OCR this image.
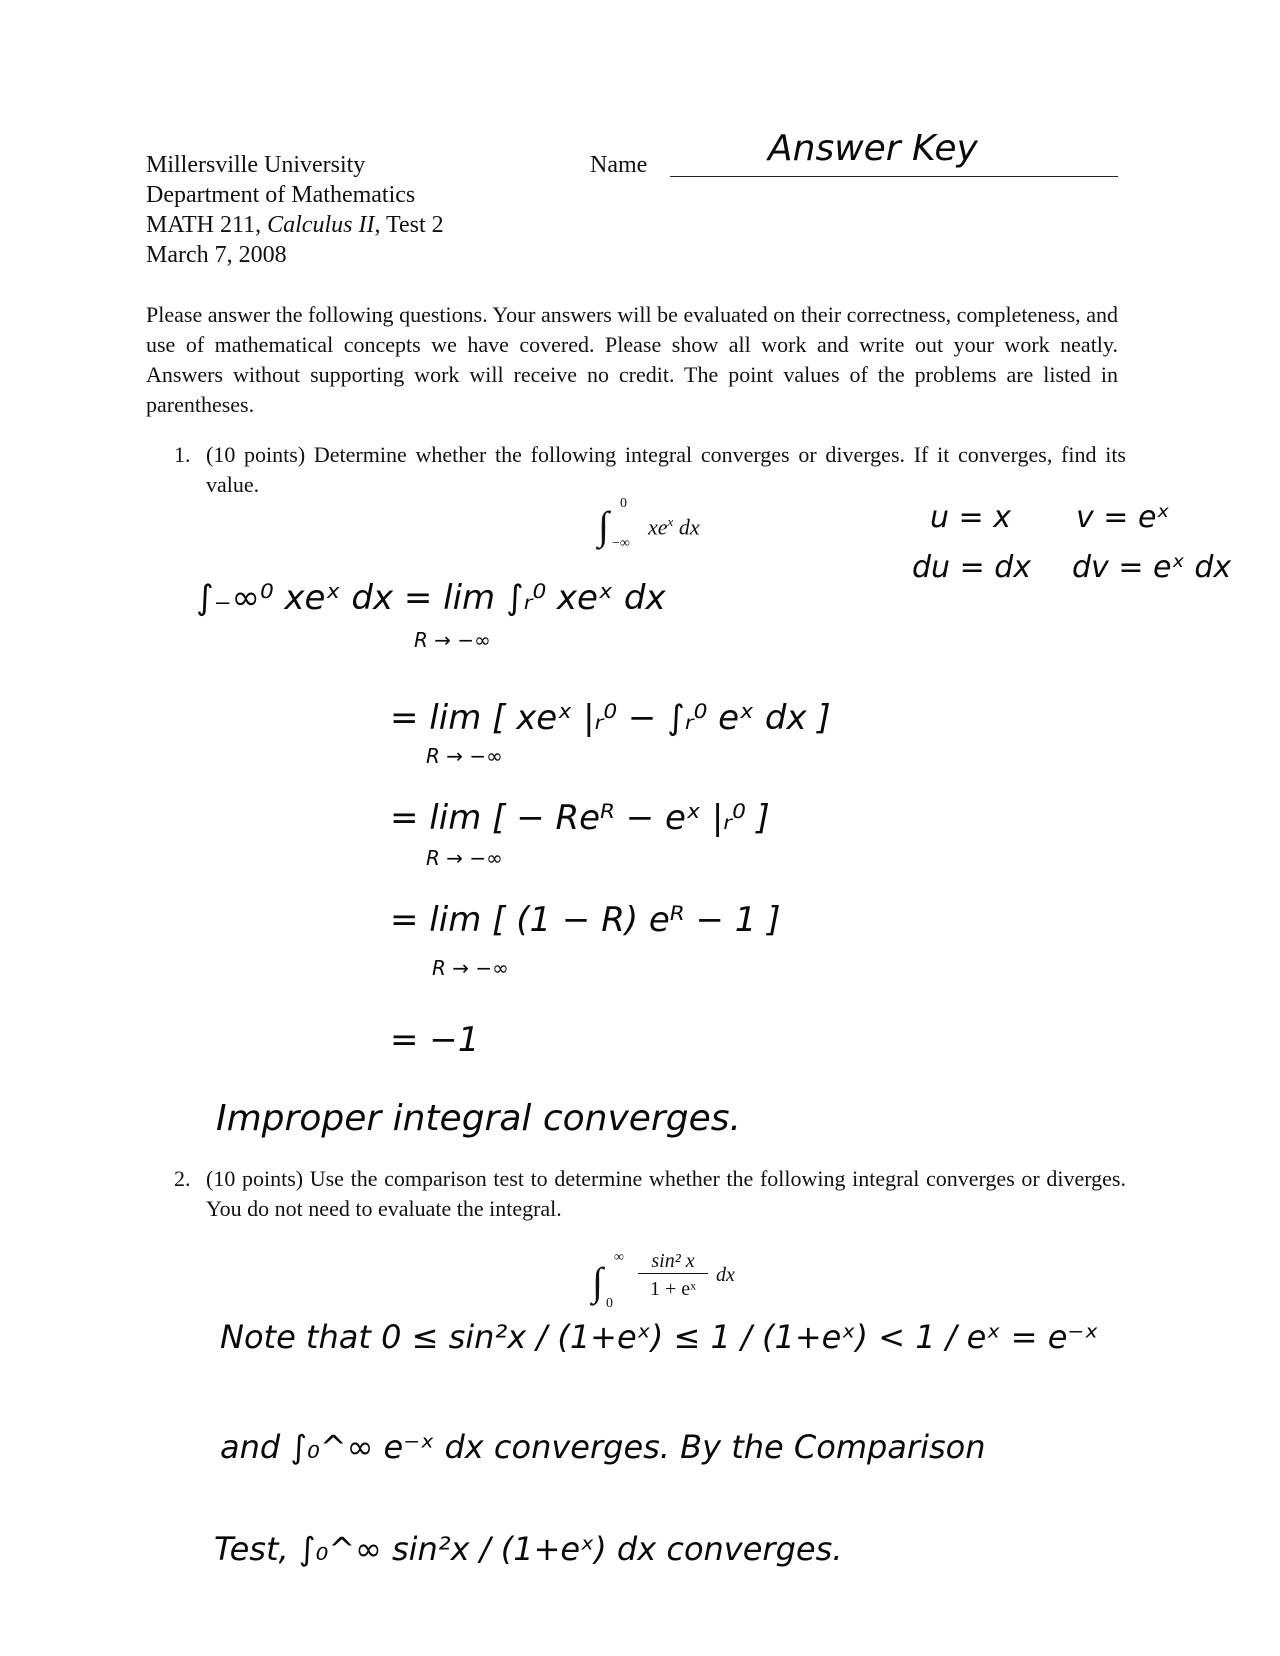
Millersville University
Department of Mathematics
MATH 211, Calculus II, Test 2
March 7, 2008
Name	Answer Key
Please answer the following questions. Your answers will be evaluated on their correctness, completeness, and use of mathematical concepts we have covered. Please show all work and write out your work neatly. Answers without supporting work will receive no credit. The point values of the problems are listed in parentheses.
1. (10 points) Determine whether the following integral converges or diverges. If it converges, find its value.
∫ 0
−∞
$xe^x$ dx	u = x v = eˣ
du = dx dv = eˣ dx
∫₋∞⁰ xeˣ dx = lim ∫ᵣ⁰ xeˣ dx
R → −∞
= lim [ xeˣ |ᵣ⁰ − ∫ᵣ⁰ eˣ dx ]
R → −∞
= lim [ − Reᴿ − eˣ |ᵣ⁰ ]
R → −∞
= lim [ (1 − R) eᴿ − 1 ]
R → −∞
= −1
Improper integral converges.
2. (10 points) Use the comparison test to determine whether the following integral converges or diverges. You do not need to evaluate the integral.
∫
∞
0
sin² x
1 + eˣ
dx
Note that 0 ≤ sin²x / (1+eˣ) ≤ 1 / (1+eˣ) < 1 / eˣ = e⁻ˣ
and ∫₀^∞ e⁻ˣ dx converges. By the Comparison
Test, ∫₀^∞ sin²x / (1+eˣ) dx converges.
